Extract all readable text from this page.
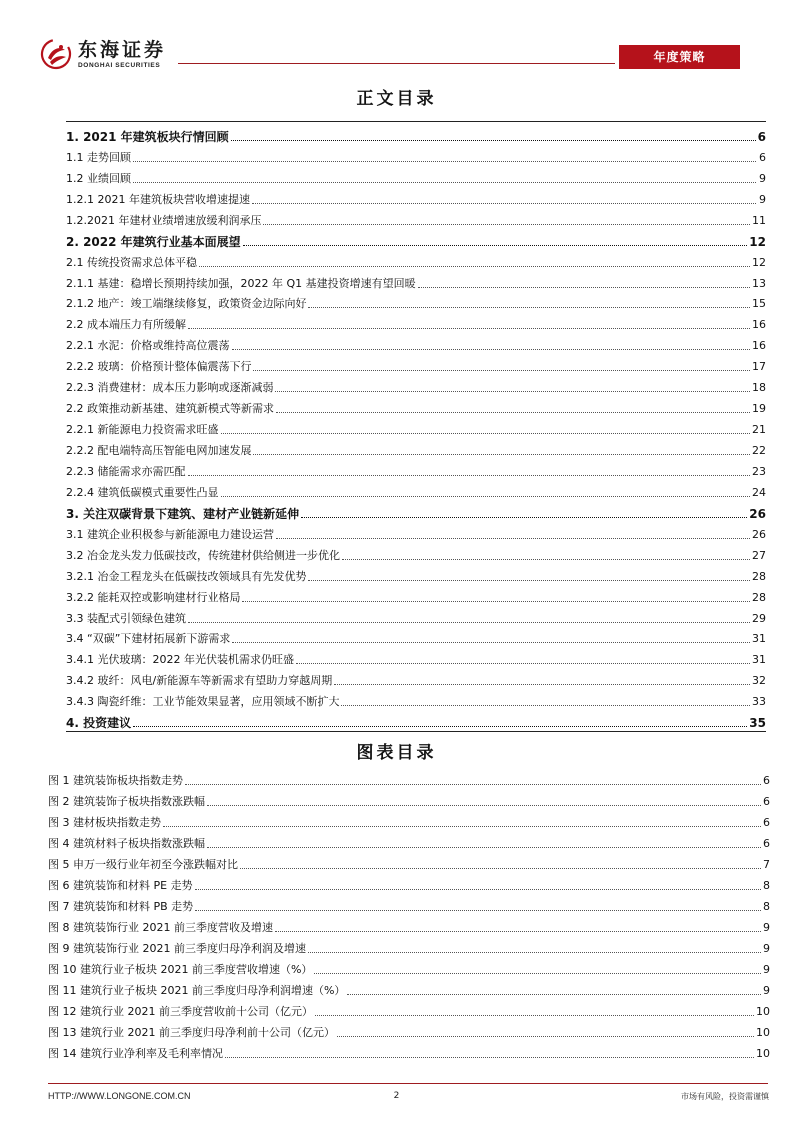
东海证券
DONGHAI SECURITIES
年度策略
正文目录
1. 2021 年建筑板块行情回顾	6
1.1 走势回顾	6
1.2 业绩回顾	9
1.2.1 2021 年建筑板块营收增速提速	9
1.2.2021 年建材业绩增速放缓利润承压	11
2. 2022 年建筑行业基本面展望	12
2.1 传统投资需求总体平稳	12
2.1.1 基建：稳增长预期持续加强，2022 年 Q1 基建投资增速有望回暖	13
2.1.2 地产：竣工端继续修复，政策资金边际向好	15
2.2 成本端压力有所缓解	16
2.2.1 水泥：价格或维持高位震荡	16
2.2.2 玻璃：价格预计整体偏震荡下行	17
2.2.3 消费建材：成本压力影响或逐渐减弱	18
2.2 政策推动新基建、建筑新模式等新需求	19
2.2.1 新能源电力投资需求旺盛	21
2.2.2 配电端特高压智能电网加速发展	22
2.2.3 储能需求亦需匹配	23
2.2.4 建筑低碳模式重要性凸显	24
3. 关注双碳背景下建筑、建材产业链新延伸	26
3.1 建筑企业积极参与新能源电力建设运营	26
3.2 冶金龙头发力低碳技改，传统建材供给侧进一步优化	27
3.2.1 冶金工程龙头在低碳技改领域具有先发优势	28
3.2.2 能耗双控或影响建材行业格局	28
3.3 装配式引领绿色建筑	29
3.4 “双碳”下建材拓展新下游需求	31
3.4.1 光伏玻璃：2022 年光伏装机需求仍旺盛	31
3.4.2 玻纤：风电/新能源车等新需求有望助力穿越周期	32
3.4.3 陶瓷纤维：工业节能效果显著，应用领域不断扩大	33
4. 投资建议	35
图表目录
图 1 建筑装饰板块指数走势	6
图 2 建筑装饰子板块指数涨跌幅	6
图 3 建材板块指数走势	6
图 4 建筑材料子板块指数涨跌幅	6
图 5 申万一级行业年初至今涨跌幅对比	7
图 6 建筑装饰和材料 PE 走势	8
图 7 建筑装饰和材料 PB 走势	8
图 8 建筑装饰行业 2021 前三季度营收及增速	9
图 9 建筑装饰行业 2021 前三季度归母净利润及增速	9
图 10 建筑行业子板块 2021 前三季度营收增速（%）	9
图 11 建筑行业子板块 2021 前三季度归母净利润增速（%）	9
图 12 建筑行业 2021 前三季度营收前十公司（亿元）	10
图 13 建筑行业 2021 前三季度归母净利前十公司（亿元）	10
图 14 建筑行业净利率及毛利率情况	10
HTTP://WWW.LONGONE.COM.CN	2	市场有风险，投资需谨慎
